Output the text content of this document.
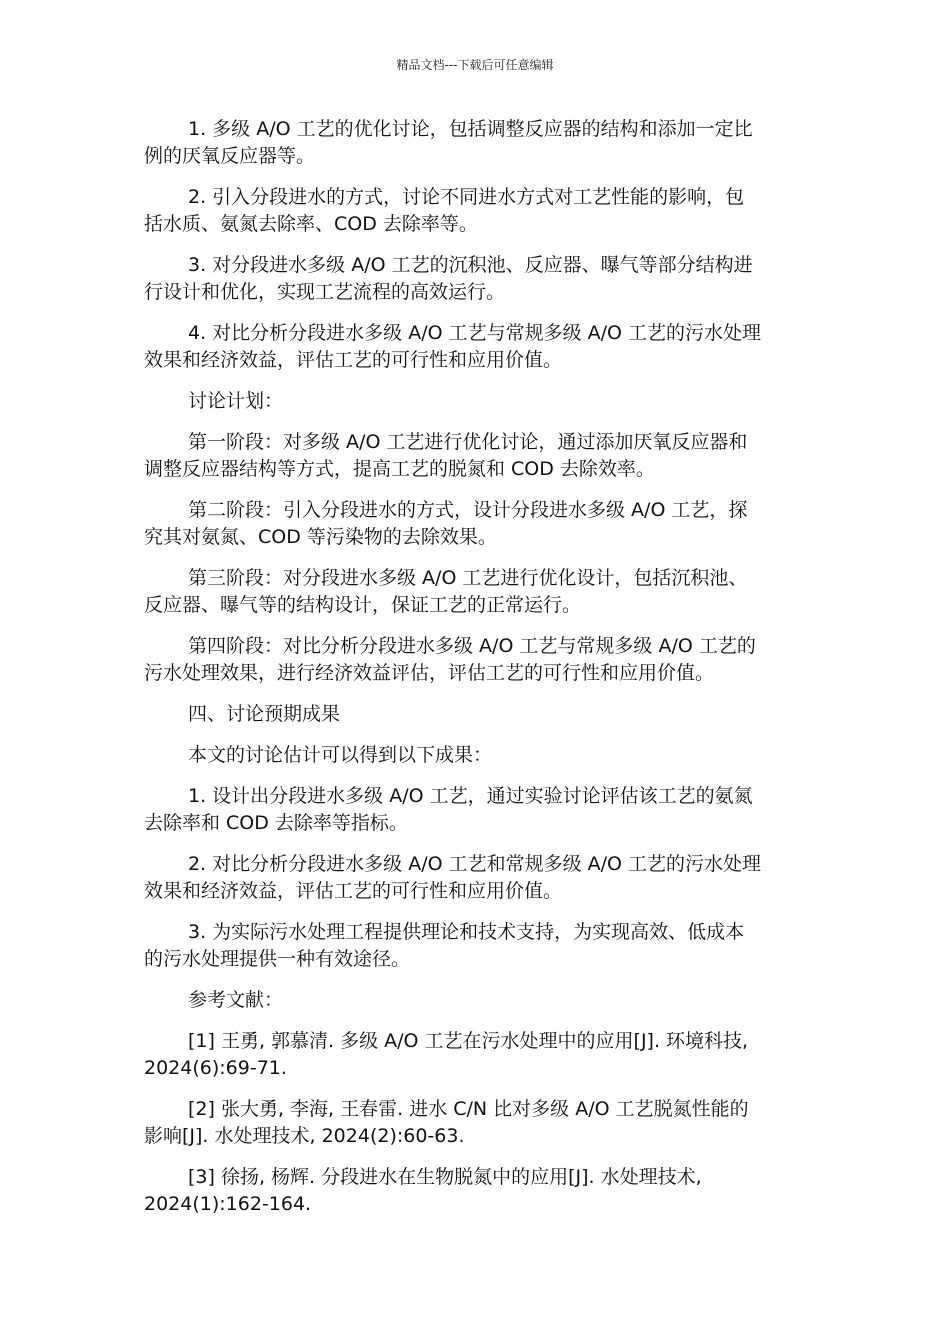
精品文档---下载后可任意编辑

1. 多级 A/O 工艺的优化讨论，包括调整反应器的结构和添加一定比
例的厌氧反应器等。

2. 引入分段进水的方式，讨论不同进水方式对工艺性能的影响，包
括水质、氨氮去除率、COD 去除率等。

3. 对分段进水多级 A/O 工艺的沉积池、反应器、曝气等部分结构进
行设计和优化，实现工艺流程的高效运行。

4. 对比分析分段进水多级 A/O 工艺与常规多级 A/O 工艺的污水处理
效果和经济效益，评估工艺的可行性和应用价值。

讨论计划：

第一阶段：对多级 A/O 工艺进行优化讨论，通过添加厌氧反应器和
调整反应器结构等方式，提高工艺的脱氮和 COD 去除效率。

第二阶段：引入分段进水的方式，设计分段进水多级 A/O 工艺，探
究其对氨氮、COD 等污染物的去除效果。

第三阶段：对分段进水多级 A/O 工艺进行优化设计，包括沉积池、
反应器、曝气等的结构设计，保证工艺的正常运行。

第四阶段：对比分析分段进水多级 A/O 工艺与常规多级 A/O 工艺的
污水处理效果，进行经济效益评估，评估工艺的可行性和应用价值。

四、讨论预期成果

本文的讨论估计可以得到以下成果：

1. 设计出分段进水多级 A/O 工艺，通过实验讨论评估该工艺的氨氮
去除率和 COD 去除率等指标。

2. 对比分析分段进水多级 A/O 工艺和常规多级 A/O 工艺的污水处理
效果和经济效益，评估工艺的可行性和应用价值。

3. 为实际污水处理工程提供理论和技术支持，为实现高效、低成本
的污水处理提供一种有效途径。

参考文献：

[1] 王勇, 郭慕清. 多级 A/O 工艺在污水处理中的应用[J]. 环境科技,
2024(6):69-71.

[2] 张大勇, 李海, 王春雷. 进水 C/N 比对多级 A/O 工艺脱氮性能的
影响[J]. 水处理技术, 2024(2):60-63.

[3] 徐扬, 杨辉. 分段进水在生物脱氮中的应用[J]. 水处理技术,
2024(1):162-164.
